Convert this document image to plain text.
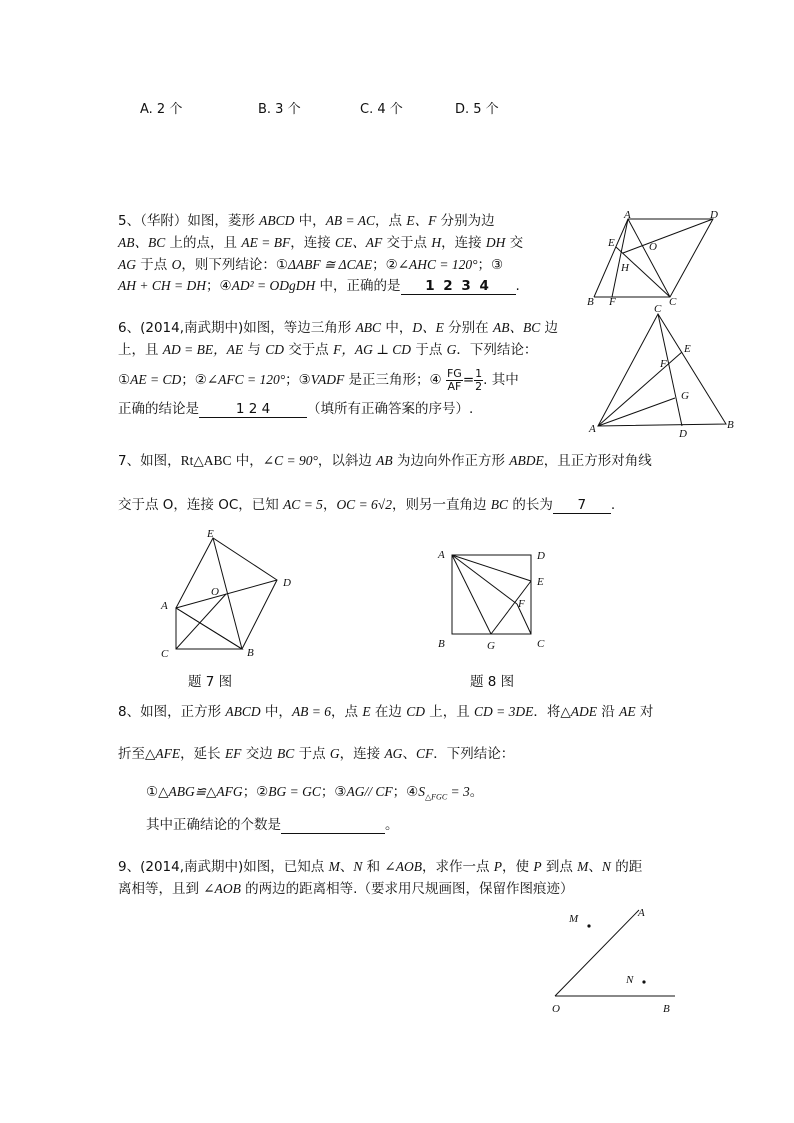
A. 2 个	B. 3 个	C. 4 个	D. 5 个
5、（华附）如图，菱形 ABCD 中，AB = AC，点 E、F 分别为边
AB、BC 上的点，且 AE = BF，连接 CE、AF 交于点 H，连接 DH 交
AG 于点 O，则下列结论：①ΔABF ≅ ΔCAE；②∠AHC = 120°；③
AH + CH = DH；④AD² = ODgDH 中，正确的是 1 2 3 4 .
A	D
E	O
H
B F	C
6、(2014,南武期中)如图，等边三角形 ABC 中，D、E 分别在 AB、BC 边
上，且 AD = BE，AE 与 CD 交于点 F，AG ⊥ CD 于点 G．下列结论：
①AE = CD；②∠AFC = 120°；③VADF 是正三角形；④ $\frac{FG}{AF} = \frac{1}{2}$ . 其中
正确的结论是	1 2 4	（填所有正确答案的序号）.
C
E
F
G
A	D
B
7、如图，Rt△ABC 中，∠C = 90°，以斜边 AB 为边向外作正方形 ABDE，且正方形对角线
交于点 O，连接 OC，已知 AC = 5，OC = 6√2，则另一直角边 BC 的长为 7 .
E
D
A
O
C	B
题 7 图
A	D
E
F
B	G	C
题 8 图
8、如图，正方形 ABCD 中，AB = 6，点 E 在边 CD 上，且 CD = 3DE．将△ADE 沿 AE 对
折至△AFE，延长 EF 交边 BC 于点 G，连接 AG、CF．下列结论：
①△ABG≌△AFG；②BG = GC；③AG// CF；$④S_{\triangle FGC} = 3$。
其中正确结论的个数是	。
9、(2014,南武期中)如图，已知点 M、N 和 ∠AOB，求作一点 P，使 P 到点 M、N 的距
离相等，且到 ∠AOB 的两边的距离相等.（要求用尺规画图，保留作图痕迹）
M	A
N
O	B
